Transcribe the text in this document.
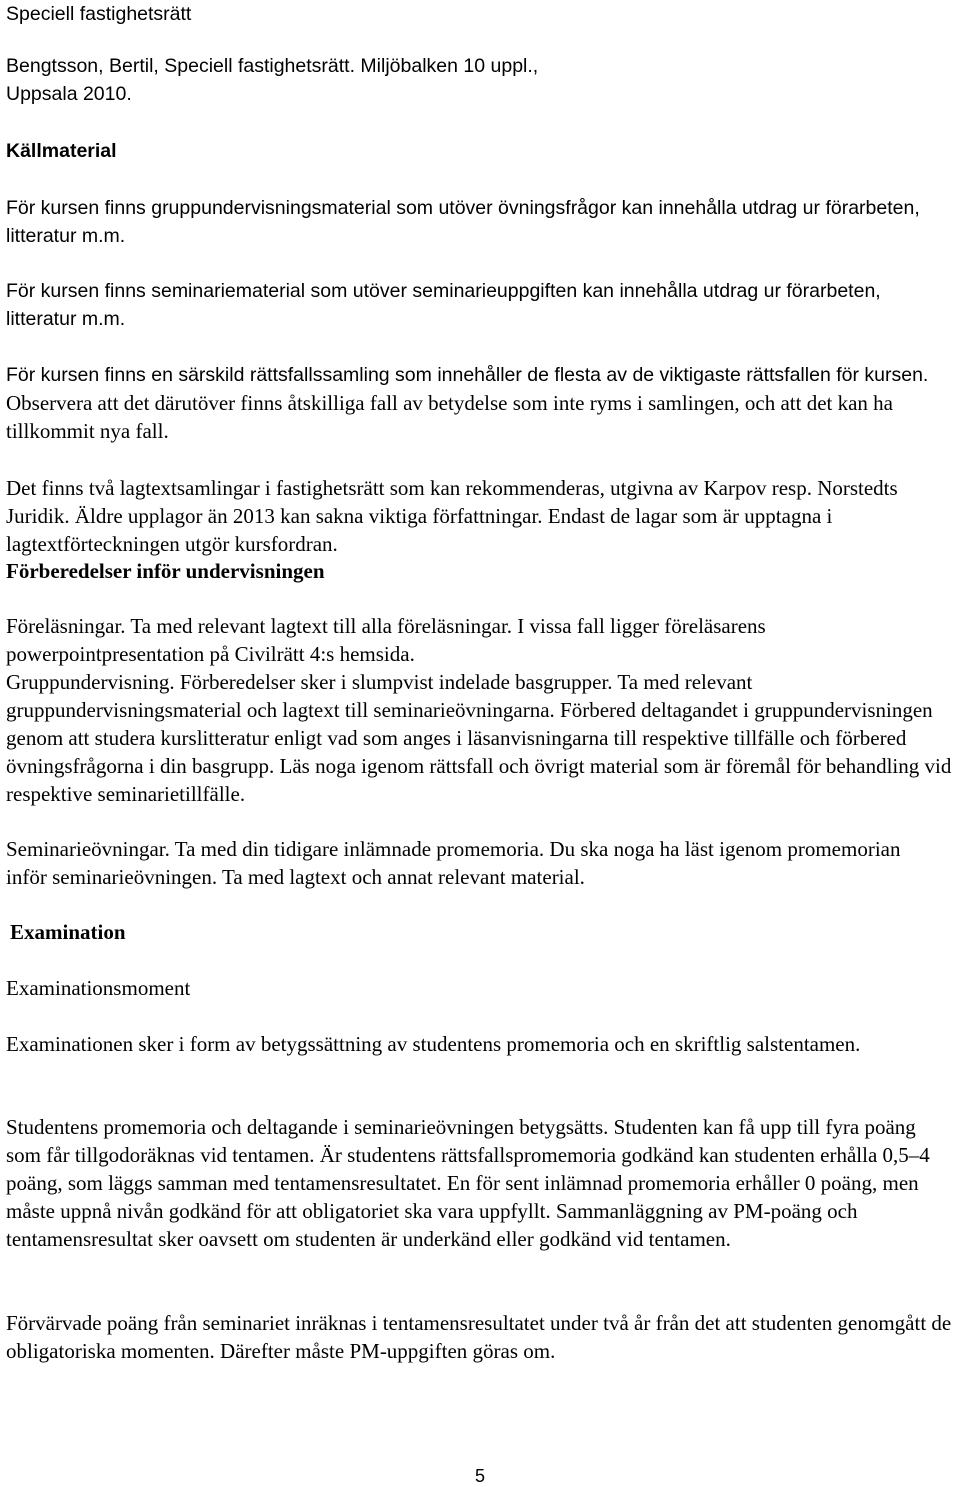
Speciell fastighetsrätt
Bengtsson, Bertil, Speciell fastighetsrätt. Miljöbalken 10 uppl., Uppsala 2010.
Källmaterial
För kursen finns gruppundervisningsmaterial som utöver övningsfrågor kan innehålla utdrag ur förarbeten, litteratur m.m.
För kursen finns seminariematerial som utöver seminarieuppgiften kan innehålla utdrag ur förarbeten, litteratur m.m.
För kursen finns en särskild rättsfallssamling som innehåller de flesta av de viktigaste rättsfallen för kursen. Observera att det därutöver finns åtskilliga fall av betydelse som inte ryms i samlingen, och att det kan ha tillkommit nya fall.
Det finns två lagtextsamlingar i fastighetsrätt som kan rekommenderas, utgivna av Karpov resp. Norstedts Juridik. Äldre upplagor än 2013 kan sakna viktiga författningar. Endast de lagar som är upptagna i lagtextförteckningen utgör kursfordran.
Förberedelser inför undervisningen
Föreläsningar. Ta med relevant lagtext till alla föreläsningar. I vissa fall ligger föreläsarens powerpointpresentation på Civilrätt 4:s hemsida.
Gruppundervisning. Förberedelser sker i slumpvist indelade basgrupper. Ta med relevant gruppundervisningsmaterial och lagtext till seminarieövningarna. Förbered deltagandet i gruppundervisningen genom att studera kurslitteratur enligt vad som anges i läsanvisningarna till respektive tillfälle och förbered övningsfrågorna i din basgrupp. Läs noga igenom rättsfall och övrigt material som är föremål för behandling vid respektive seminarietillfälle.
Seminarieövningar. Ta med din tidigare inlämnade promemoria. Du ska noga ha läst igenom promemorian inför seminarieövningen. Ta med lagtext och annat relevant material.
Examination
Examinationsmoment
Examinationen sker i form av betygssättning av studentens promemoria och en skriftlig salstentamen.
Studentens promemoria och deltagande i seminarieövningen betygsätts. Studenten kan få upp till fyra poäng som får tillgodoräknas vid tentamen. Är studentens rättsfallspromemoria godkänd kan studenten erhålla 0,5–4 poäng, som läggs samman med tentamensresultatet. En för sent inlämnad promemoria erhåller 0 poäng, men måste uppnå nivån godkänd för att obligatoriet ska vara uppfyllt. Sammanläggning av PM-poäng och tentamensresultat sker oavsett om studenten är underkänd eller godkänd vid tentamen.
Förvärvade poäng från seminariet inräknas i tentamensresultatet under två år från det att studenten genomgått de obligatoriska momenten. Därefter måste PM-uppgiften göras om.
5
